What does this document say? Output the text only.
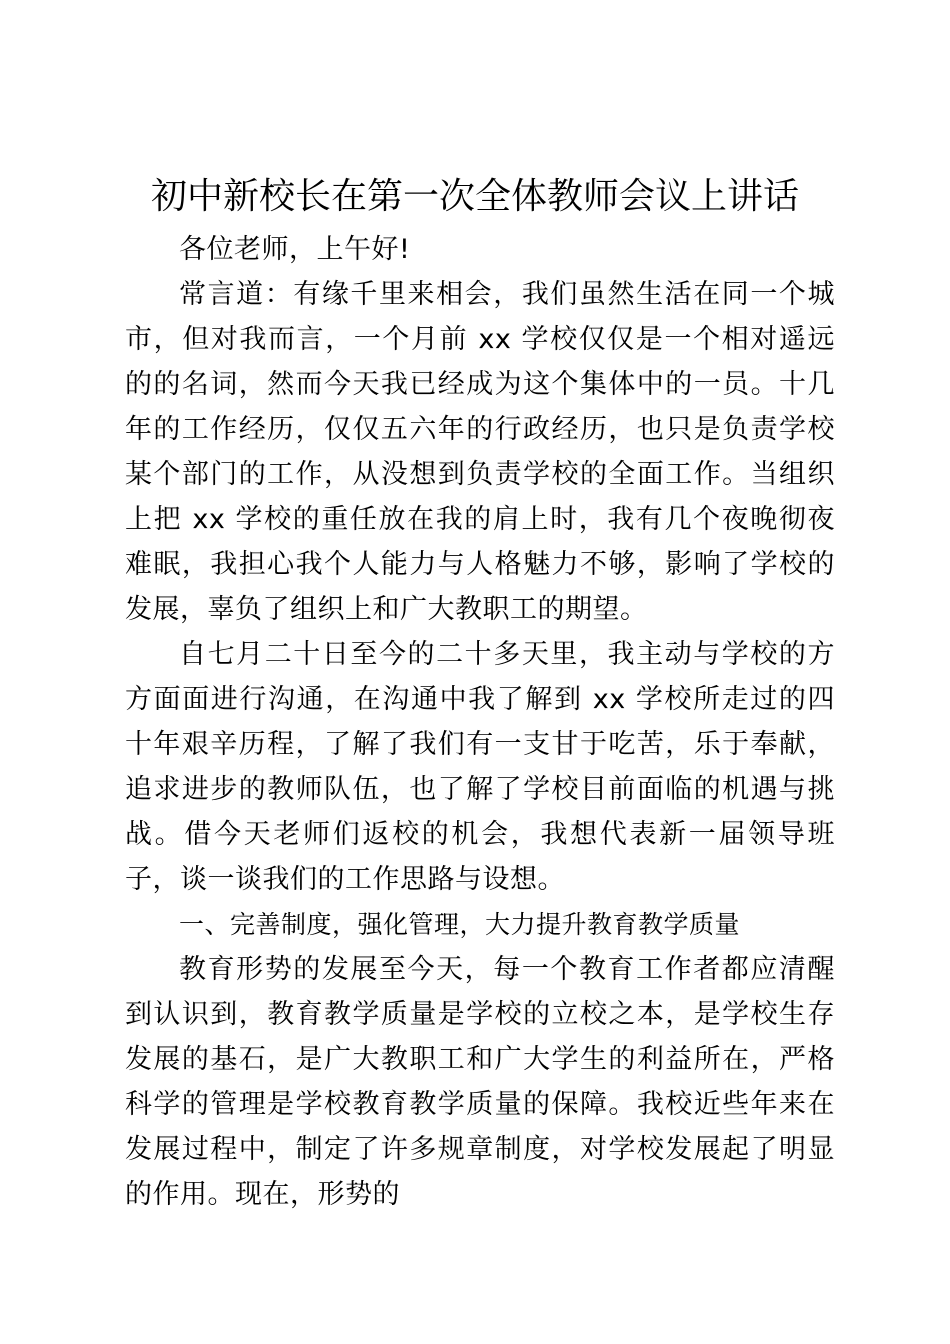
初中新校长在第一次全体教师会议上讲话

各位老师，上午好!

常言道：有缘千里来相会，我们虽然生活在同一个城市，但对我而言，一个月前 xx 学校仅仅是一个相对遥远的的名词，然而今天我已经成为这个集体中的一员。十几年的工作经历，仅仅五六年的行政经历，也只是负责学校某个部门的工作，从没想到负责学校的全面工作。当组织上把 xx 学校的重任放在我的肩上时，我有几个夜晚彻夜难眠，我担心我个人能力与人格魅力不够，影响了学校的发展，辜负了组织上和广大教职工的期望。

自七月二十日至今的二十多天里，我主动与学校的方方面面进行沟通，在沟通中我了解到 xx 学校所走过的四十年艰辛历程，了解了我们有一支甘于吃苦，乐于奉献，追求进步的教师队伍，也了解了学校目前面临的机遇与挑战。借今天老师们返校的机会，我想代表新一届领导班子，谈一谈我们的工作思路与设想。

一、完善制度，强化管理，大力提升教育教学质量

教育形势的发展至今天，每一个教育工作者都应清醒到认识到，教育教学质量是学校的立校之本，是学校生存发展的基石，是广大教职工和广大学生的利益所在，严格科学的管理是学校教育教学质量的保障。我校近些年来在发展过程中，制定了许多规章制度，对学校发展起了明显的作用。现在，形势的
